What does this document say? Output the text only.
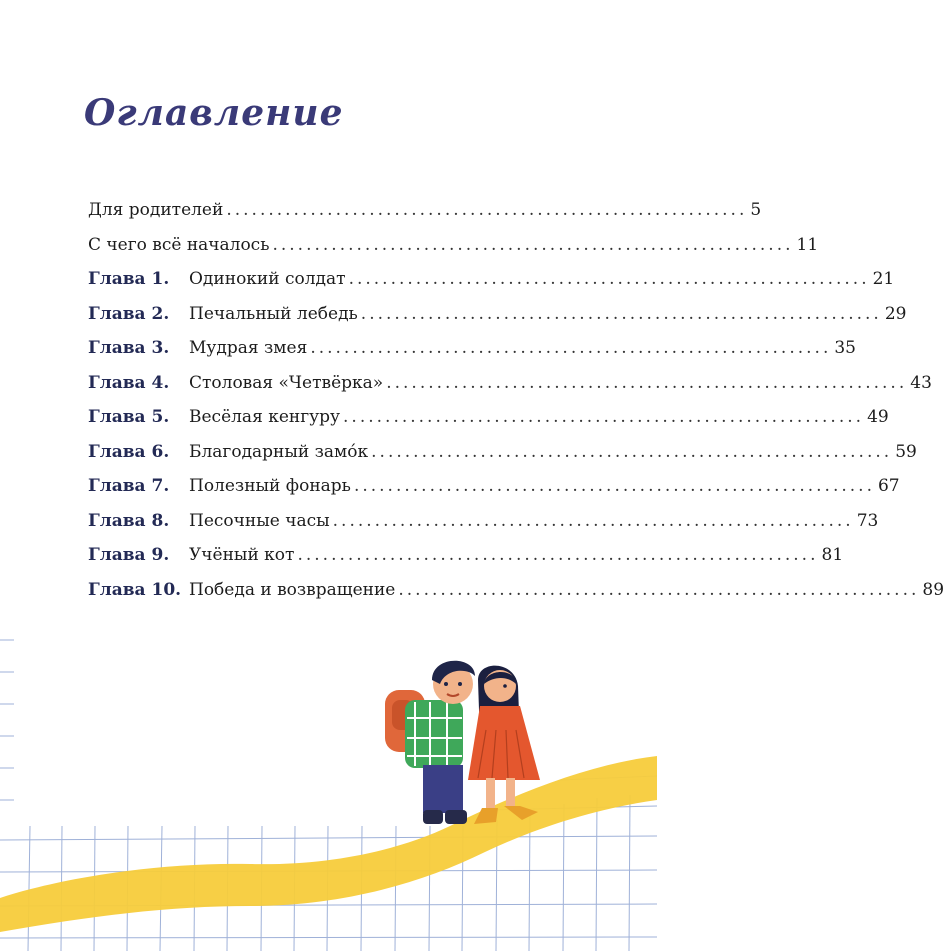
Оглавление
Для родителей .............................................................. 5
С чего всё началось .............................................................. 11
Глава 1.	Одинокий солдат .............................................................. 21
Глава 2.	Печальный лебедь .............................................................. 29
Глава 3.	Мудрая змея .............................................................. 35
Глава 4.	Столовая «Четвёрка» .............................................................. 43
Глава 5.	Весёлая кенгуру .............................................................. 49
Глава 6.	Благодарный замо́к .............................................................. 59
Глава 7.	Полезный фонарь .............................................................. 67
Глава 8.	Песочные часы .............................................................. 73
Глава 9.	Учёный кот .............................................................. 81
Глава 10. Победа и возвращение .............................................................. 89
